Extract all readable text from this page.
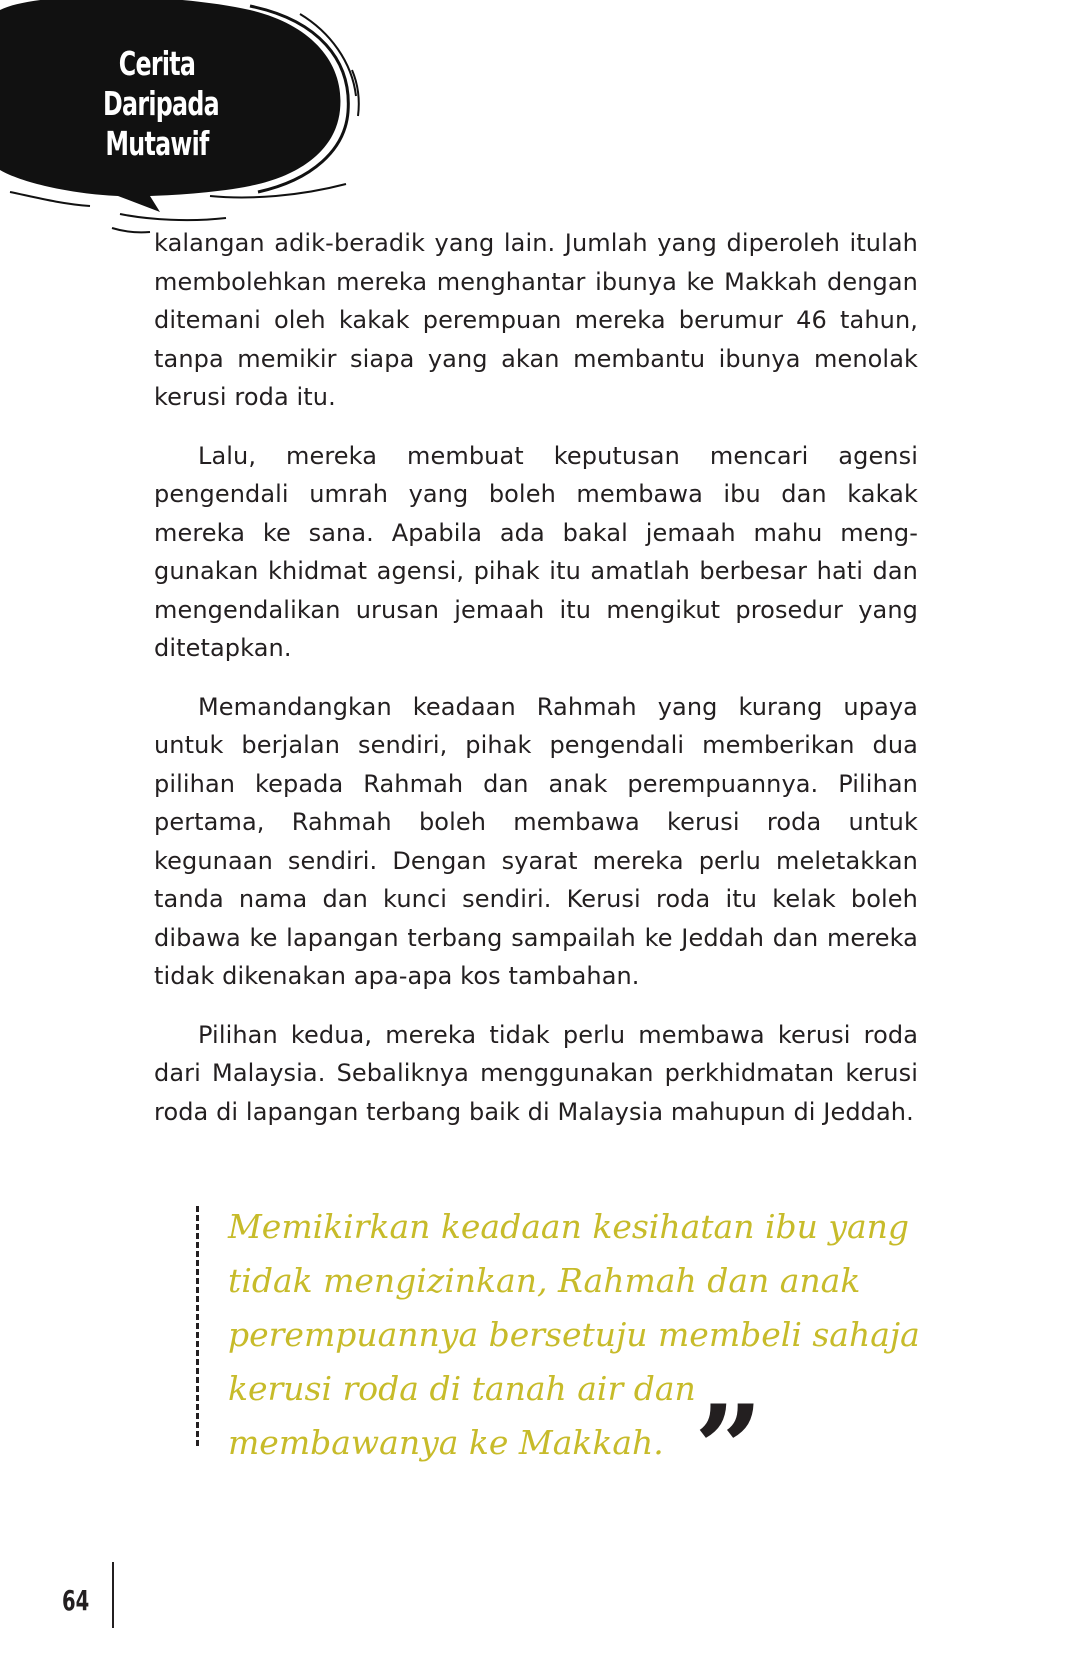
Cerita
Daripada
Mutawif

kalangan adik-beradik yang lain. Jumlah yang diperoleh itulah membolehkan mereka menghantar ibunya ke Makkah dengan ditemani oleh kakak perempuan mereka berumur 46 tahun, tanpa memikir siapa yang akan membantu ibunya menolak kerusi roda itu.

Lalu, mereka membuat keputusan mencari agensi pengendali umrah yang boleh membawa ibu dan kakak mereka ke sana. Apabila ada bakal jemaah mahu meng-gunakan khidmat agensi, pihak itu amatlah berbesar hati dan mengendalikan urusan jemaah itu mengikut prosedur yang ditetapkan.

Memandangkan keadaan Rahmah yang kurang upaya untuk berjalan sendiri, pihak pengendali memberikan dua pilihan kepada Rahmah dan anak perempuannya. Pilihan pertama, Rahmah boleh membawa kerusi roda untuk kegunaan sendiri. Dengan syarat mereka perlu meletakkan tanda nama dan kunci sendiri. Kerusi roda itu kelak boleh dibawa ke lapangan terbang sampailah ke Jeddah dan mereka tidak dikenakan apa-apa kos tambahan.

Pilihan kedua, mereka tidak perlu membawa kerusi roda dari Malaysia. Sebaliknya menggunakan perkhidmatan kerusi roda di lapangan terbang baik di Malaysia mahupun di Jeddah.

Memikirkan keadaan kesihatan ibu yang tidak mengizinkan, Rahmah dan anak perempuannya bersetuju membeli sahaja kerusi roda di tanah air dan membawanya ke Makkah. ”
64
